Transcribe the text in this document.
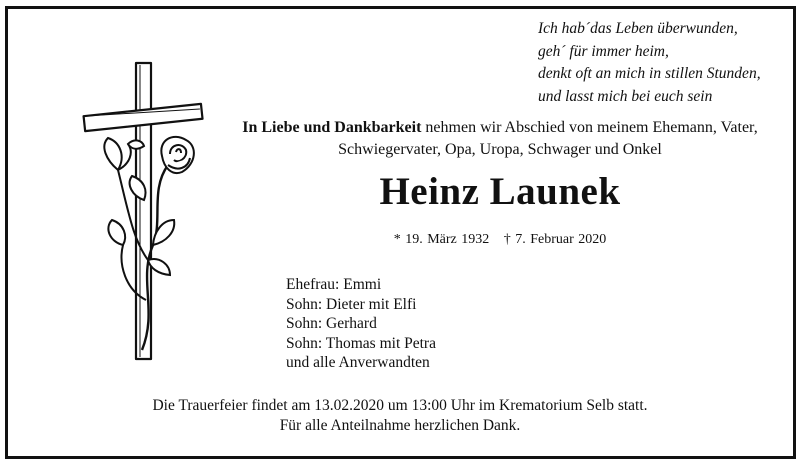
Ich hab´das Leben überwunden,
geh´ für immer heim,
denkt oft an mich in stillen Stunden,
und lasst mich bei euch sein
In Liebe und Dankbarkeit nehmen wir Abschied von meinem Ehemann, Vater,
Schwiegervater, Opa, Uropa, Schwager und Onkel
Heinz Launek
* 19. März 1932 † 7. Februar 2020
Ehefrau: Emmi
Sohn: Dieter mit Elfi
Sohn: Gerhard
Sohn: Thomas mit Petra
und alle Anverwandten
Die Trauerfeier findet am 13.02.2020 um 13:00 Uhr im Krematorium Selb statt.
Für alle Anteilnahme herzlichen Dank.
